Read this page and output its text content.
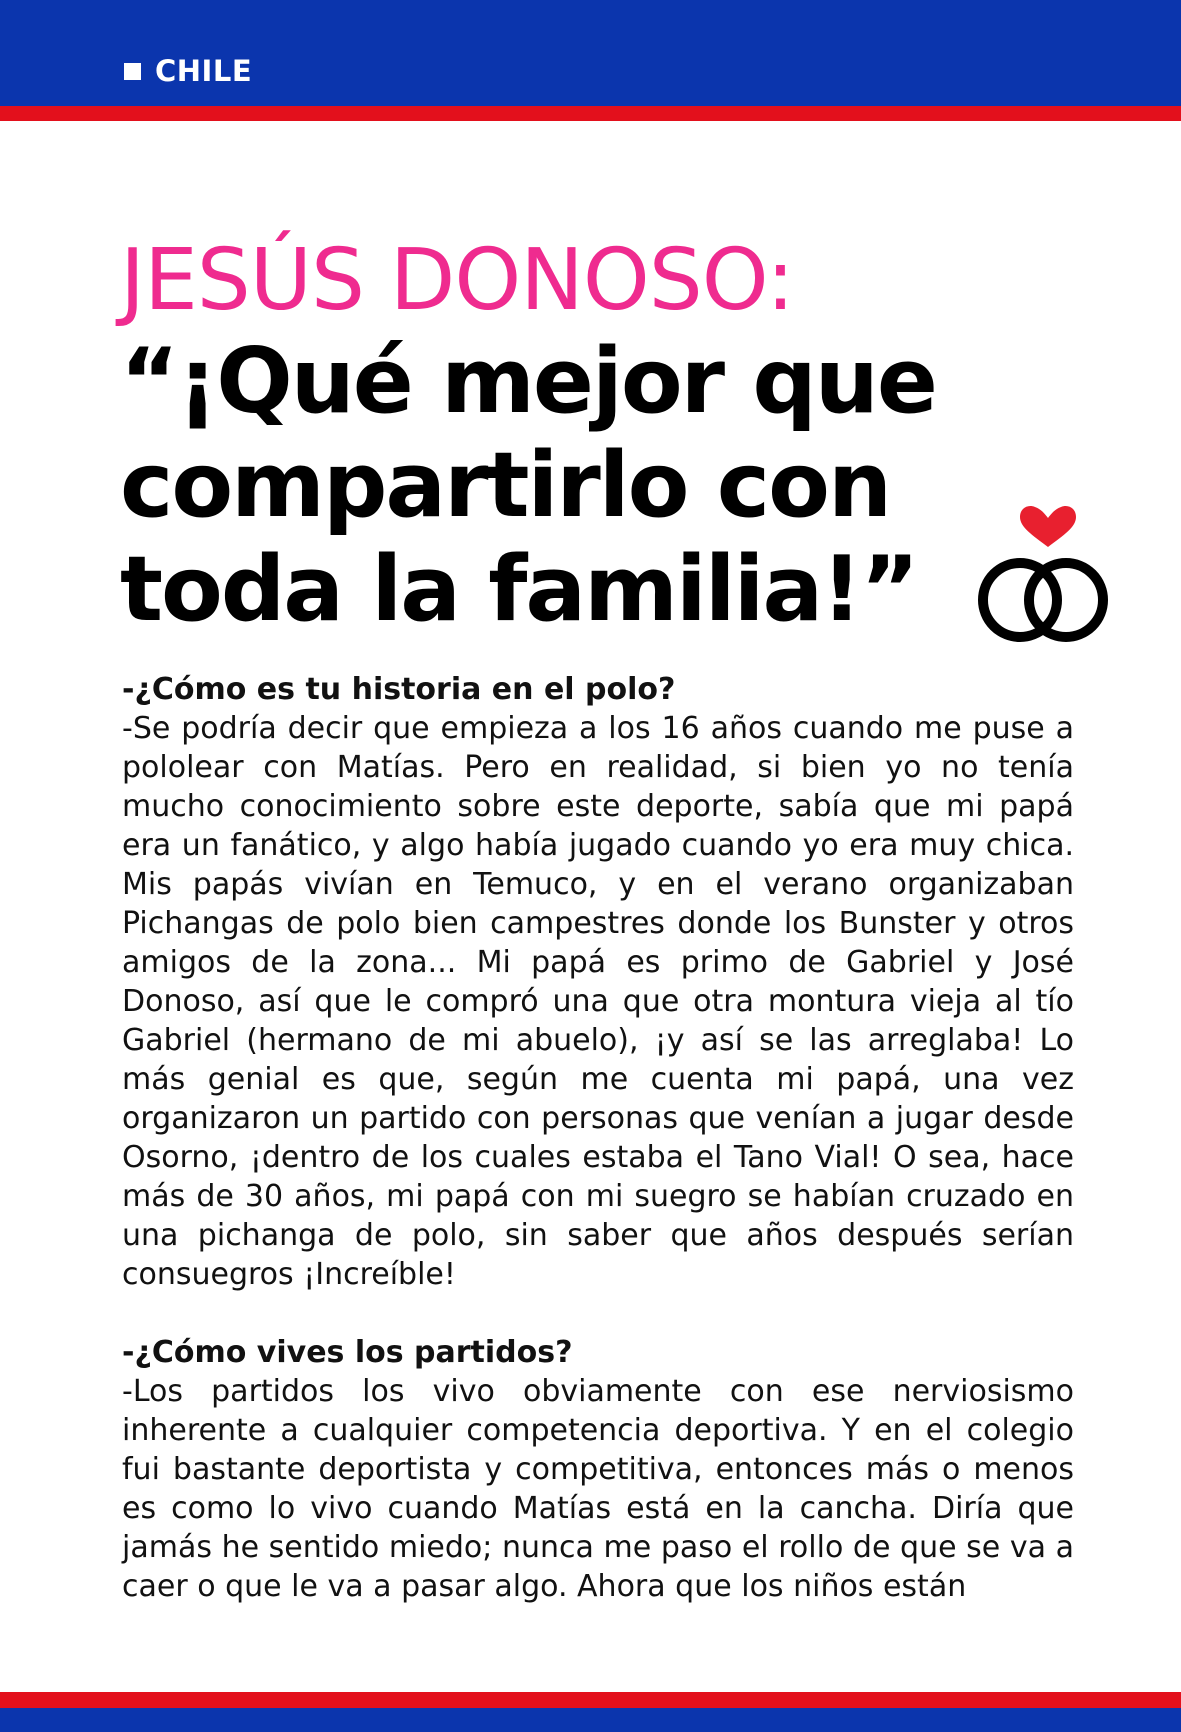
CHILE
JESÚS DONOSO:
“¡Qué mejor que
compartirlo con
toda la familia!”
-¿Cómo es tu historia en el polo?

-Se podría decir que empieza a los 16 años cuando me puse a pololear con Matías. Pero en realidad, si bien yo no tenía mucho conocimiento sobre este deporte, sabía que mi papá era un fanático, y algo había jugado cuando yo era muy chica. Mis papás vivían en Temuco, y en el verano organizaban Pichangas de polo bien campestres donde los Bunster y otros amigos de la zona... Mi papá es primo de Gabriel y José Donoso, así que le compró una que otra montura vieja al tío Gabriel (hermano de mi abuelo), ¡y así se las arreglaba! Lo más genial es que, según me cuenta mi papá, una vez organizaron un partido con personas que venían a jugar desde Osorno, ¡dentro de los cuales estaba el Tano Vial! O sea, hace más de 30 años, mi papá con mi suegro se habían cruzado en una pichanga de polo, sin saber que años después serían consuegros ¡Increíble!

-¿Cómo vives los partidos?

-Los partidos los vivo obviamente con ese nerviosismo inherente a cualquier competencia deportiva. Y en el colegio fui bastante deportista y competitiva, entonces más o menos es como lo vivo cuando Matías está en la cancha. Diría que jamás he sentido miedo; nunca me paso el rollo de que se va a caer o que le va a pasar algo. Ahora que los niños están
